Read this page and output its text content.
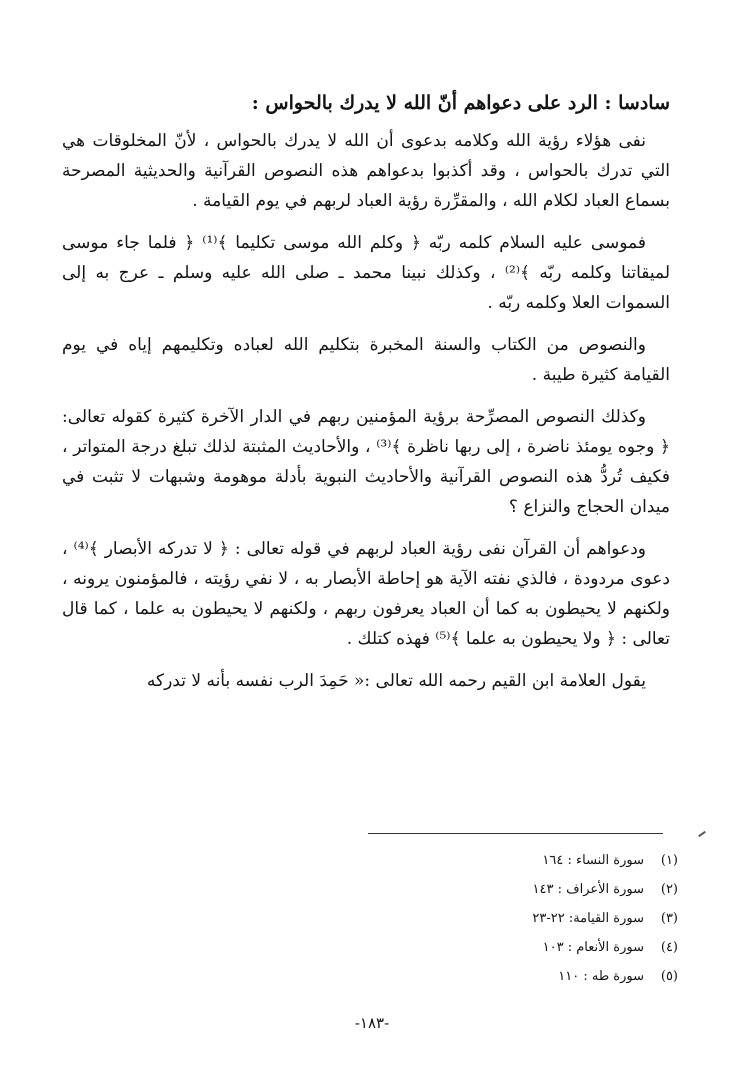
سادسا : الرد على دعواهم أنّ الله لا يدرك بالحواس :

نفى هؤلاء رؤية الله وكلامه بدعوى أن الله لا يدرك بالحواس ، لأنّ المخلوقات هي التي تدرك بالحواس ، وقد أكذبوا بدعواهم هذه النصوص القرآنية والحديثية المصرحة بسماع العباد لكلام الله ، والمقرِّرة رؤية العباد لربهم في يوم القيامة .

فموسى عليه السلام كلمه ربّه ﴿ وكلم الله موسى تكليما ﴾⁽¹⁾ ﴿ فلما جاء موسى لميقاتنا وكلمه ربّه ﴾⁽²⁾ ، وكذلك نبينا محمد ـ صلى الله عليه وسلم ـ عرج به إلى السموات العلا وكلمه ربّه .

والنصوص من الكتاب والسنة المخبرة بتكليم الله لعباده وتكليمهم إياه في يوم القيامة كثيرة طيبة .

وكذلك النصوص المصرِّحة برؤية المؤمنين ربهم في الدار الآخرة كثيرة كقوله تعالى: ﴿ وجوه يومئذ ناضرة ، إلى ربها ناظرة ﴾⁽³⁾ ، والأحاديث المثبتة لذلك تبلغ درجة المتواتر ، فكيف تُردُّ هذه النصوص القرآنية والأحاديث النبوية بأدلة موهومة وشبهات لا تثبت في ميدان الحجاج والنزاع ؟

ودعواهم أن القرآن نفى رؤية العباد لربهم في قوله تعالى : ﴿ لا تدركه الأبصار ﴾⁽⁴⁾ ، دعوى مردودة ، فالذي نفته الآية هو إحاطة الأبصار به ، لا نفي رؤيته ، فالمؤمنون يرونه ، ولكنهم لا يحيطون به كما أن العباد يعرفون ربهم ، ولكنهم لا يحيطون به علما ، كما قال تعالى : ﴿ ولا يحيطون به علما ﴾⁽⁵⁾ فهذه كتلك .

يقول العلامة ابن القيم رحمه الله تعالى :« حَمِدَ الرب نفسه بأنه لا تدركه

(١)
سورة النساء : ١٦٤
(٢)
سورة الأعراف : ١٤٣
(٣)
سورة القيامة: ٢٢-٢٣
(٤)
سورة الأنعام : ١٠٣
(٥)
سورة طه : ١١٠
-١٨٣-
